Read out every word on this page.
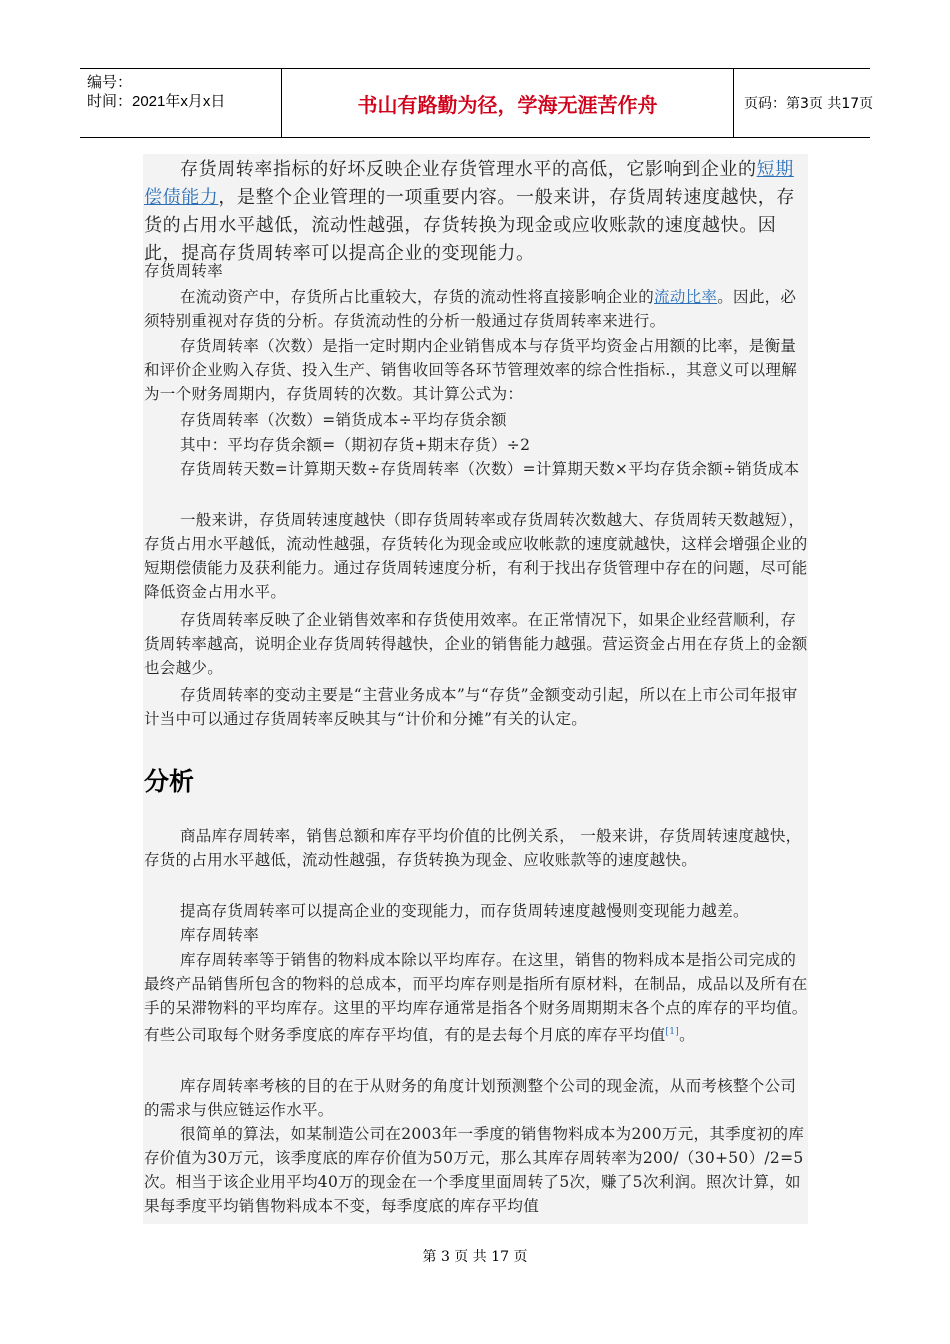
编号：
时间：2021年x月x日	书山有路勤为径，学海无涯苦作舟	页码：第3页 共17页

存货周转率指标的好坏反映企业存货管理水平的高低，它影响到企业的短期偿债能力，是整个企业管理的一项重要内容。一般来讲，存货周转速度越快，存货的占用水平越低，流动性越强，存货转换为现金或应收账款的速度越快。因此，提高存货周转率可以提高企业的变现能力。

存货周转率

在流动资产中，存货所占比重较大，存货的流动性将直接影响企业的流动比率。因此，必须特别重视对存货的分析。存货流动性的分析一般通过存货周转率来进行。

存货周转率（次数）是指一定时期内企业销售成本与存货平均资金占用额的比率，是衡量和评价企业购入存货、投入生产、销售收回等各环节管理效率的综合性指标.，其意义可以理解为一个财务周期内，存货周转的次数。其计算公式为：

存货周转率（次数）=销货成本÷平均存货余额

其中：平均存货余额=（期初存货+期末存货）÷2

存货周转天数=计算期天数÷存货周转率（次数）=计算期天数×平均存货余额÷销货成本

一般来讲，存货周转速度越快（即存货周转率或存货周转次数越大、存货周转天数越短），存货占用水平越低，流动性越强，存货转化为现金或应收帐款的速度就越快，这样会增强企业的短期偿债能力及获利能力。通过存货周转速度分析，有利于找出存货管理中存在的问题，尽可能降低资金占用水平。

存货周转率反映了企业销售效率和存货使用效率。在正常情况下，如果企业经营顺利，存货周转率越高，说明企业存货周转得越快，企业的销售能力越强。营运资金占用在存货上的金额也会越少。

存货周转率的变动主要是“主营业务成本”与“存货”金额变动引起，所以在上市公司年报审计当中可以通过存货周转率反映其与“计价和分摊”有关的认定。

分析

商品库存周转率，销售总额和库存平均价值的比例关系， 一般来讲，存货周转速度越快，存货的占用水平越低，流动性越强，存货转换为现金、应收账款等的速度越快。

提高存货周转率可以提高企业的变现能力，而存货周转速度越慢则变现能力越差。

库存周转率

库存周转率等于销售的物料成本除以平均库存。在这里，销售的物料成本是指公司完成的最终产品销售所包含的物料的总成本，而平均库存则是指所有原材料，在制品，成品以及所有在手的呆滞物料的平均库存。这里的平均库存通常是指各个财务周期期末各个点的库存的平均值。有些公司取每个财务季度底的库存平均值，有的是去每个月底的库存平均值[1]。

库存周转率考核的目的在于从财务的角度计划预测整个公司的现金流，从而考核整个公司的需求与供应链运作水平。

很简单的算法，如某制造公司在2003年一季度的销售物料成本为200万元，其季度初的库存价值为30万元，该季度底的库存价值为50万元，那么其库存周转率为200/（30+50）/2=5次。相当于该企业用平均40万的现金在一个季度里面周转了5次，赚了5次利润。照次计算，如果每季度平均销售物料成本不变，每季度底的库存平均值

第 3 页 共 17 页
